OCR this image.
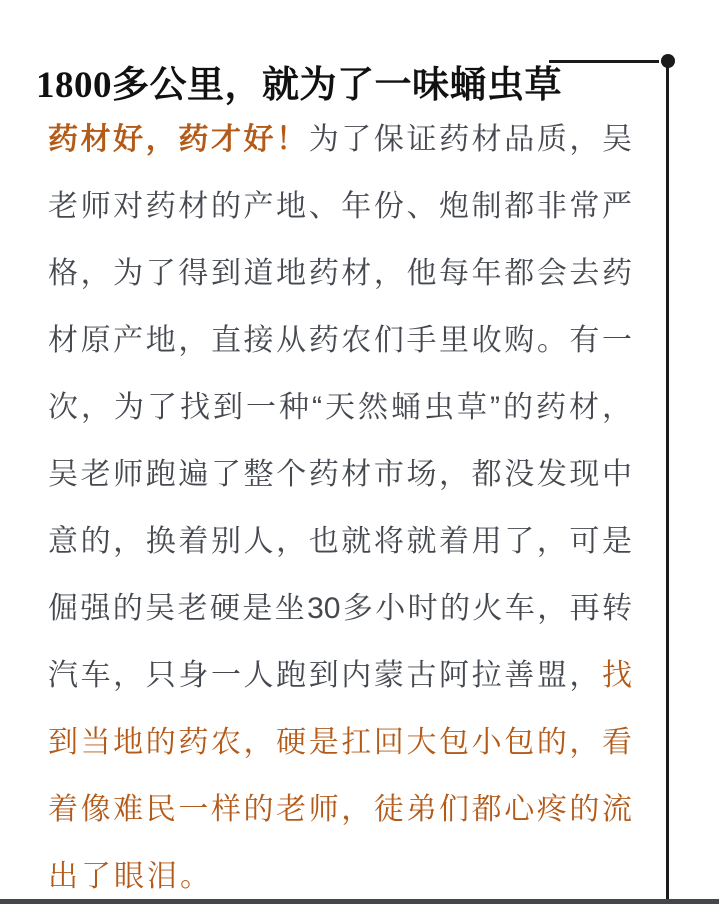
1800多公里，就为了一味蛹虫草
药材好，药才好！为了保证药材品质，吴
老师对药材的产地、年份、炮制都非常严
格，为了得到道地药材，他每年都会去药
材原产地，直接从药农们手里收购。有一
次，为了找到一种“天然蛹虫草”的药材，
吴老师跑遍了整个药材市场，都没发现中
意的，换着别人，也就将就着用了，可是
倔强的吴老硬是坐30多小时的火车，再转
汽车，只身一人跑到内蒙古阿拉善盟，找
到当地的药农，硬是扛回大包小包的，看
着像难民一样的老师，徒弟们都心疼的流
出了眼泪。
